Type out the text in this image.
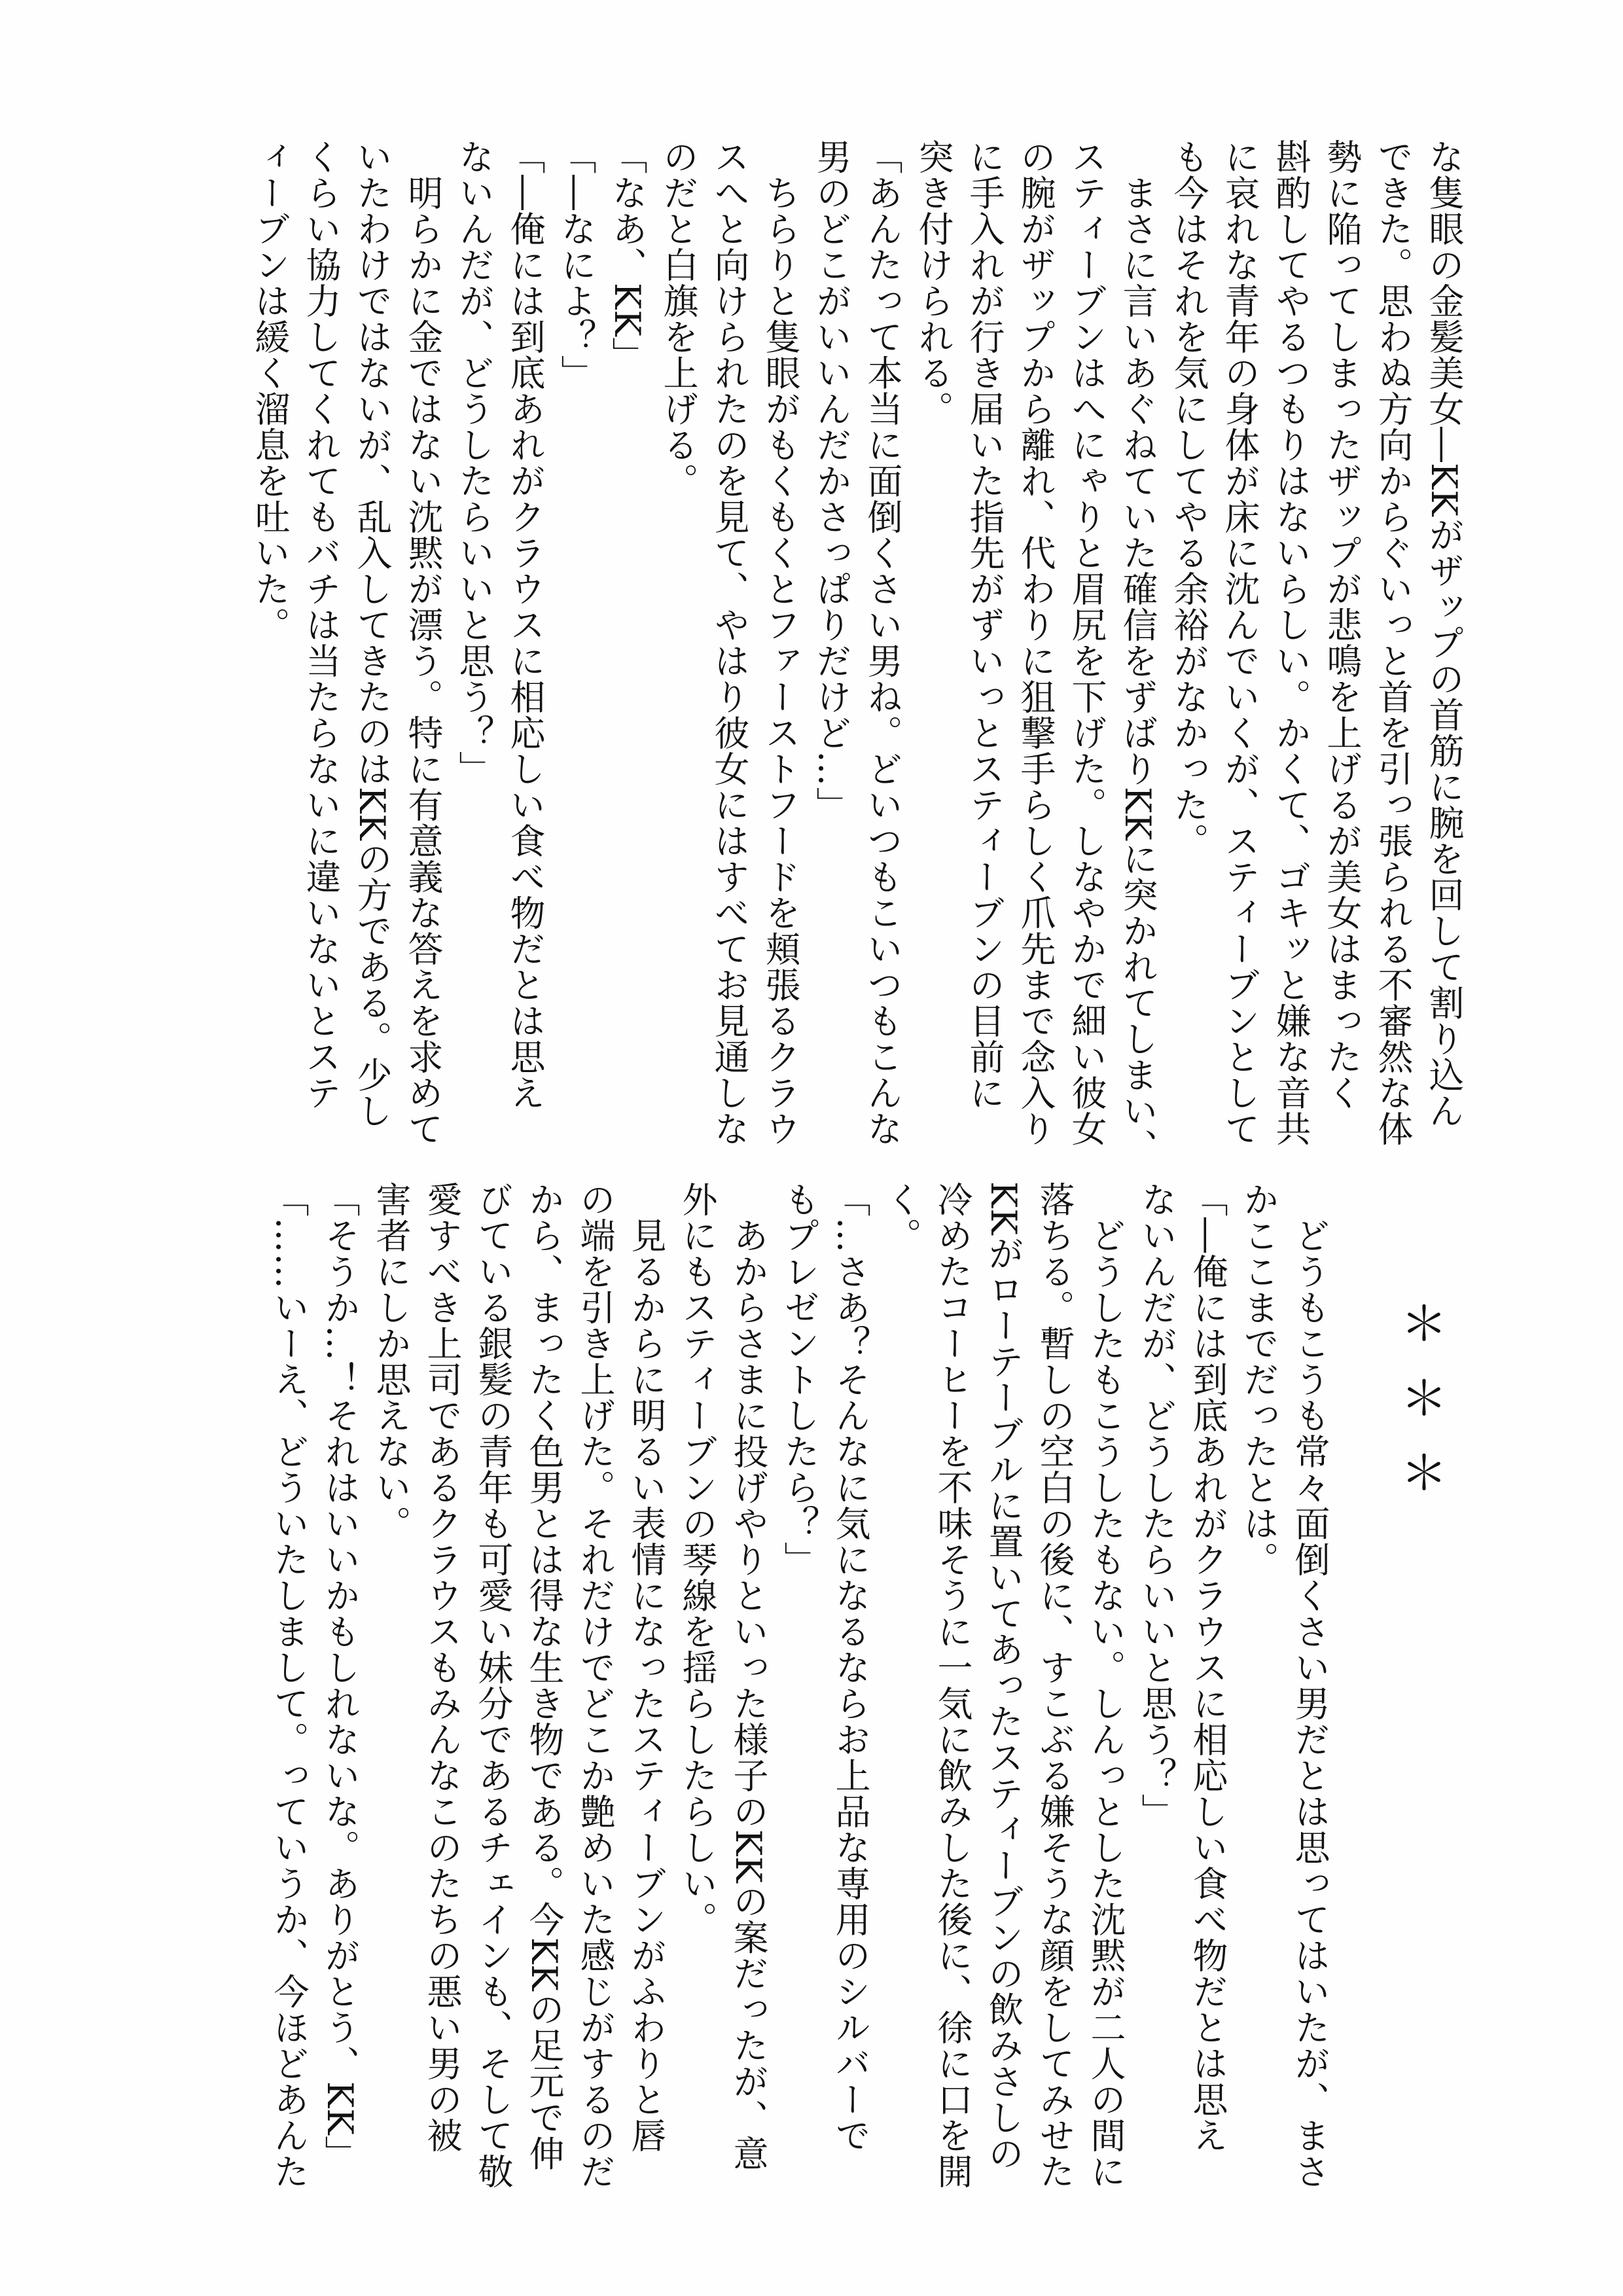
な隻眼の金髪美女―KKがザップの首筋に腕を回して割り込ん

できた。思わぬ方向からぐいっと首を引っ張られる不審然な体

勢に陥ってしまったザップが悲鳴を上げるが美女はまったく

斟酌してやるつもりはないらしい。かくて、ゴキッと嫌な音共

に哀れな青年の身体が床に沈んでいくが、スティーブンとして

も今はそれを気にしてやる余裕がなかった。

　まさに言いあぐねていた確信をずばりKKに突かれてしまい、

スティーブンはへにゃりと眉尻を下げた。しなやかで細い彼女

の腕がザップから離れ、代わりに狙撃手らしく爪先まで念入り

に手入れが行き届いた指先がずいっとスティーブンの目前に

突き付けられる。

「あんたって本当に面倒くさい男ね。どいつもこいつもこんな

男のどこがいいんだかさっぱりだけど…」

　ちらりと隻眼がもくもくとファーストフードを頬張るクラウ

スへと向けられたのを見て、やはり彼女にはすべてお見通しな

のだと白旗を上げる。

「なあ、KK」

「―なによ？」

「―俺には到底あれがクラウスに相応しい食べ物だとは思え

ないんだが、どうしたらいいと思う？」

　明らかに金ではない沈黙が漂う。特に有意義な答えを求めて

いたわけではないが、乱入してきたのはKKの方である。少し

くらい協力してくれてもバチは当たらないに違いないとステ

ィーブンは緩く溜息を吐いた。

＊＊＊

　どうもこうも常々面倒くさい男だとは思ってはいたが、まさ

かここまでだったとは。

「―俺には到底あれがクラウスに相応しい食べ物だとは思え

ないんだが、どうしたらいいと思う？」

　どうしたもこうしたもない。しんっとした沈黙が二人の間に

落ちる。暫しの空白の後に、すこぶる嫌そうな顔をしてみせた

KKがローテーブルに置いてあったスティーブンの飲みさしの

冷めたコーヒーを不味そうに一気に飲みした後に、徐に口を開

く。

「…さあ？そんなに気になるならお上品な専用のシルバーで

もプレゼントしたら？」

　あからさまに投げやりといった様子のKKの案だったが、意

外にもスティーブンの琴線を揺らしたらしい。

　見るからに明るい表情になったスティーブンがふわりと唇

の端を引き上げた。それだけでどこか艶めいた感じがするのだ

から、まったく色男とは得な生き物である。今KKの足元で伸

びている銀髪の青年も可愛い妹分であるチェインも、そして敬

愛すべき上司であるクラウスもみんなこのたちの悪い男の被

害者にしか思えない。

「そうか…！それはいいかもしれないな。ありがとう、KK」

「……いーえ、どういたしまして。っていうか、今ほどあんた
